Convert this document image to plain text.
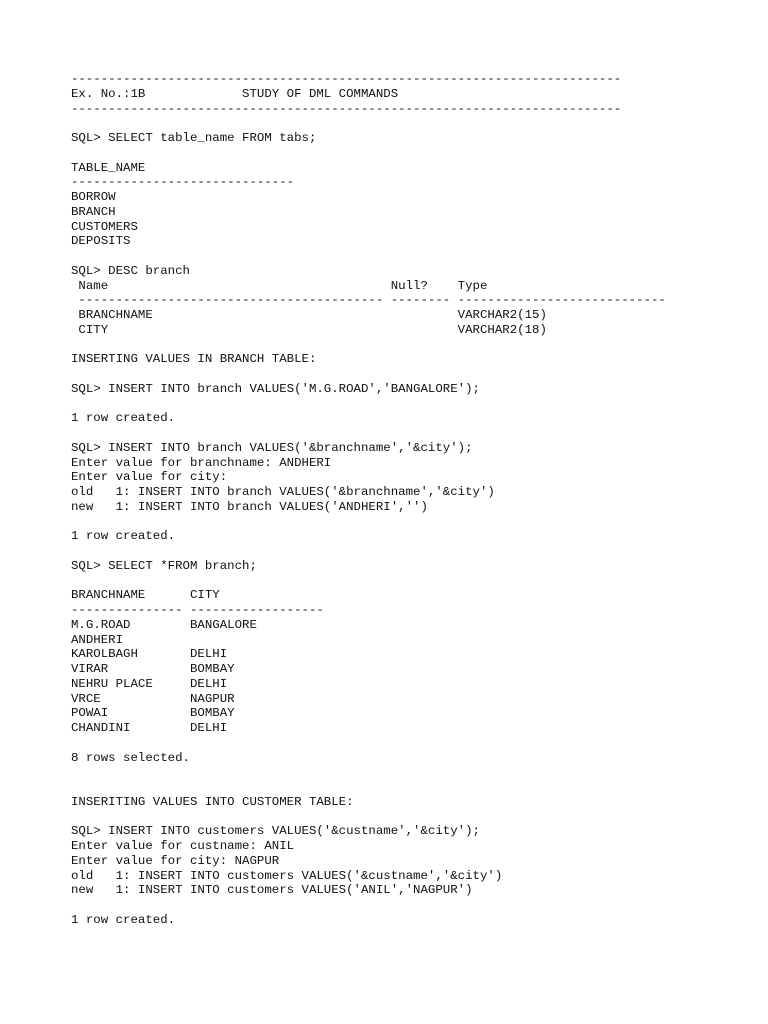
--------------------------------------------------------------------------
Ex. No.:1B             STUDY OF DML COMMANDS
--------------------------------------------------------------------------
SQL> SELECT table_name FROM tabs;
TABLE_NAME
------------------------------
BORROW
BRANCH
CUSTOMERS
DEPOSITS
SQL> DESC branch
Name                                      Null?    Type
----------------------------------------- -------- ----------------------------
BRANCHNAME                                         VARCHAR2(15)
CITY                                               VARCHAR2(18)
INSERTING VALUES IN BRANCH TABLE:
SQL> INSERT INTO branch VALUES('M.G.ROAD','BANGALORE');
1 row created.
SQL> INSERT INTO branch VALUES('&branchname','&city');
Enter value for branchname: ANDHERI
Enter value for city:
old   1: INSERT INTO branch VALUES('&branchname','&city')
new   1: INSERT INTO branch VALUES('ANDHERI','')
1 row created.
SQL> SELECT *FROM branch;
BRANCHNAME      CITY
--------------- ------------------
M.G.ROAD        BANGALORE
ANDHERI
KAROLBAGH       DELHI
VIRAR           BOMBAY
NEHRU PLACE     DELHI
VRCE            NAGPUR
POWAI           BOMBAY
CHANDINI        DELHI
8 rows selected.
INSERITING VALUES INTO CUSTOMER TABLE:
SQL> INSERT INTO customers VALUES('&custname','&city');
Enter value for custname: ANIL
Enter value for city: NAGPUR
old   1: INSERT INTO customers VALUES('&custname','&city')
new   1: INSERT INTO customers VALUES('ANIL','NAGPUR')
1 row created.
